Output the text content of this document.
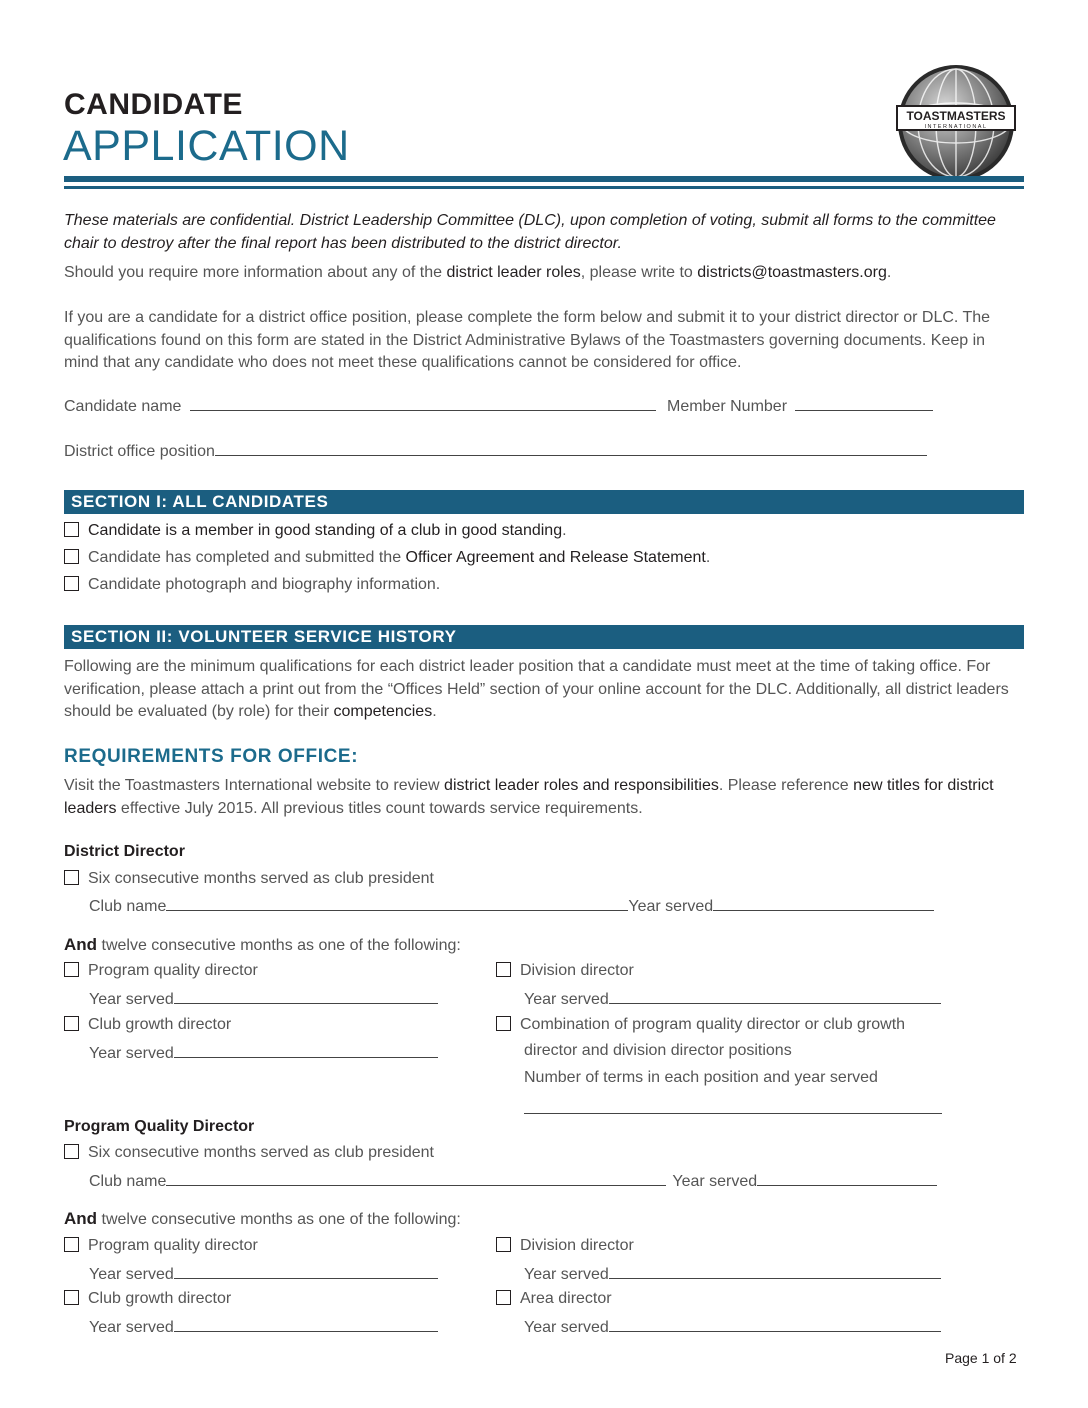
CANDIDATE
APPLICATION
TOASTMASTERS
INTERNATIONAL
These materials are confidential. District Leadership Committee (DLC), upon completion of voting, submit all forms to the committee chair to destroy after the final report has been distributed to the district director.
Should you require more information about any of the district leader roles, please write to districts@toastmasters.org.
If you are a candidate for a district office position, please complete the form below and submit it to your district director or DLC. The qualifications found on this form are stated in the District Administrative Bylaws of the Toastmasters governing documents. Keep in mind that any candidate who does not meet these qualifications cannot be considered for office.
Candidate name	Member Number
District office position
SECTION I: ALL CANDIDATES
Candidate is a member in good standing of a club in good standing.
Candidate has completed and submitted the Officer Agreement and Release Statement.
Candidate photograph and biography information.
SECTION II: VOLUNTEER SERVICE HISTORY
Following are the minimum qualifications for each district leader position that a candidate must meet at the time of taking office. For verification, please attach a print out from the “Offices Held” section of your online account for the DLC. Additionally, all district leaders should be evaluated (by role) for their competencies.
REQUIREMENTS FOR OFFICE:
Visit the Toastmasters International website to review district leader roles and responsibilities. Please reference new titles for district leaders effective July 2015. All previous titles count towards service requirements.
District Director
Six consecutive months served as club president
Club name	Year served
And twelve consecutive months as one of the following:
Program quality director
Year served
Club growth director
Year served
Division director
Year served
Combination of program quality director or club growth
director and division director positions
Number of terms in each position and year served
Program Quality Director
Six consecutive months served as club president
Club name	Year served
And twelve consecutive months as one of the following:
Program quality director
Year served
Club growth director
Year served
Division director
Year served
Area director
Year served
Page 1 of 2
